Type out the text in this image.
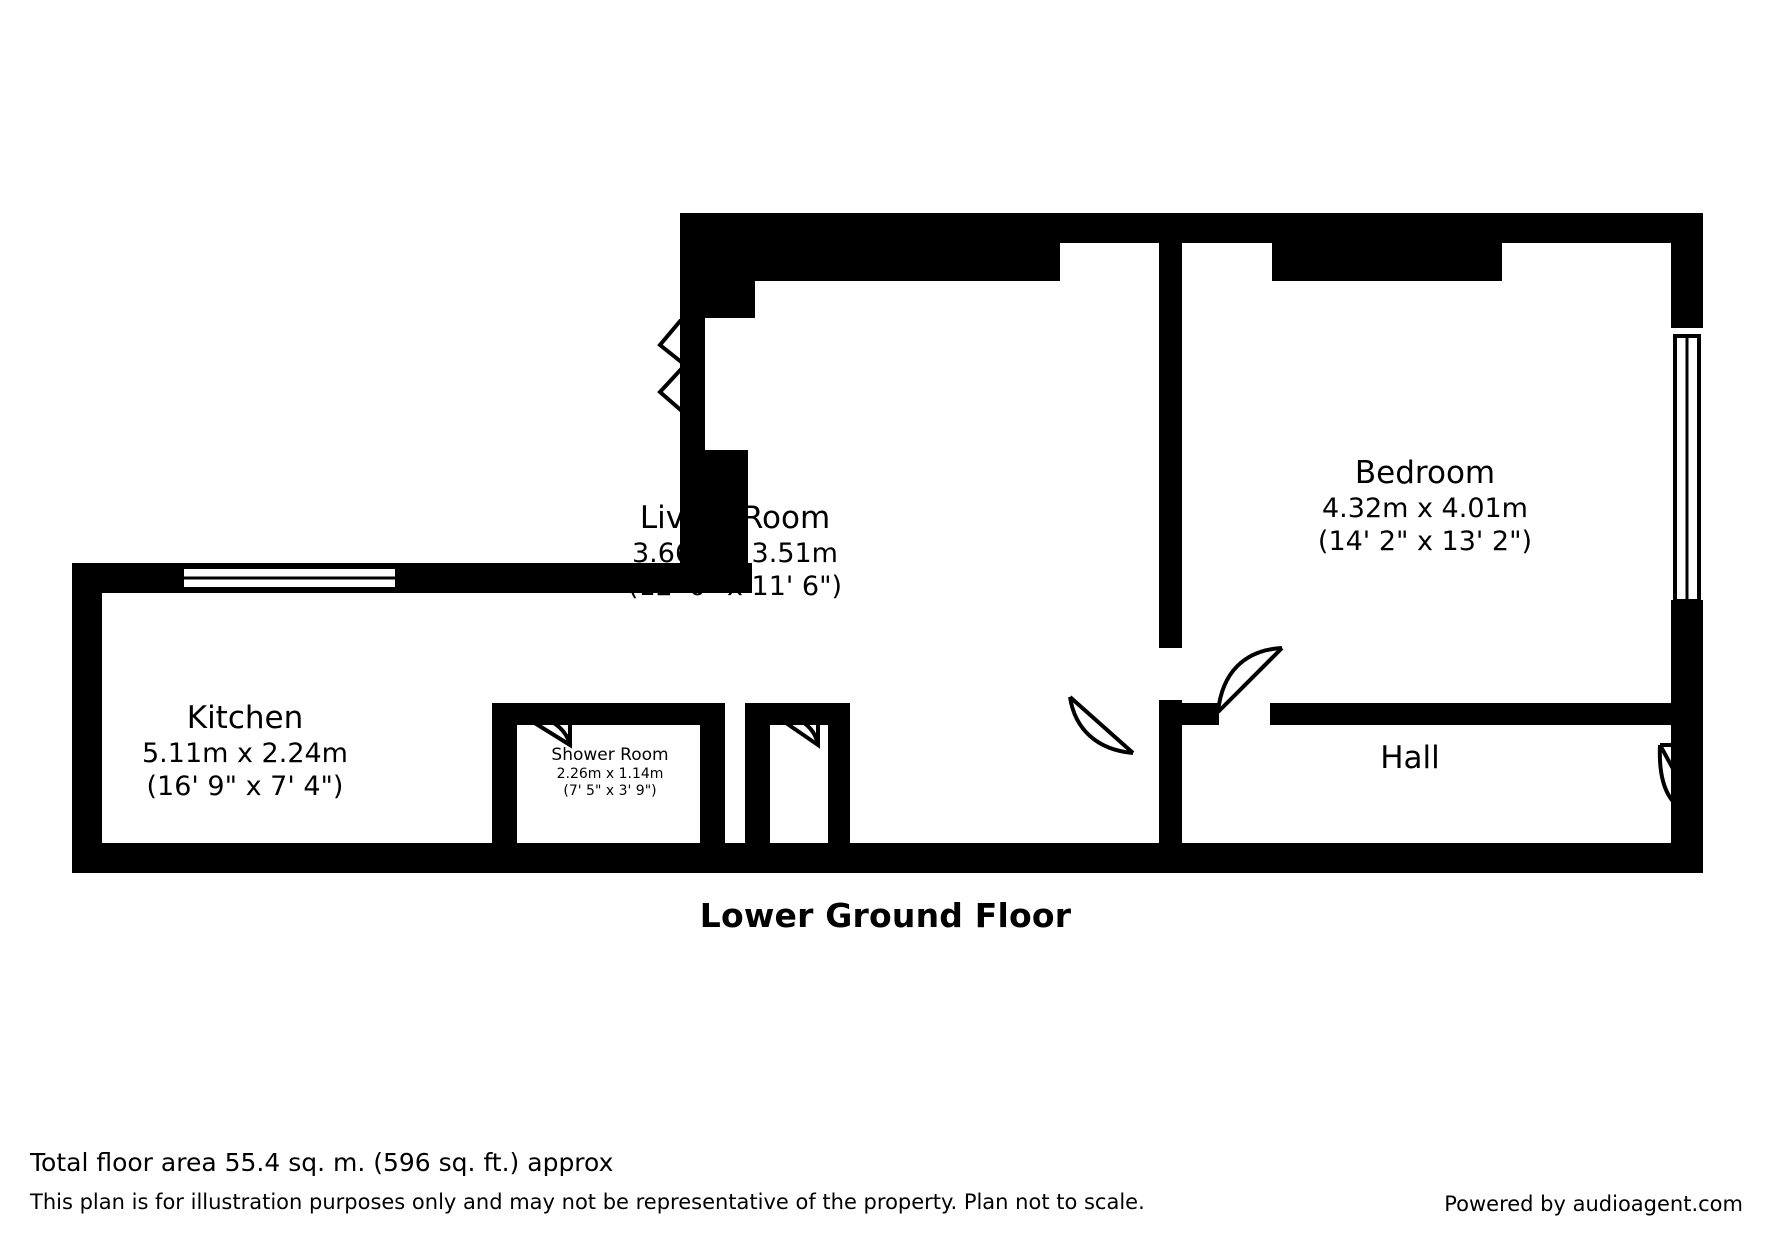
Living Room
3.66m x 3.51m
(12' 0" x 11' 6")
Bedroom
4.32m x 4.01m
(14' 2" x 13' 2")
Kitchen
5.11m x 2.24m
(16' 9" x 7' 4")
Shower Room
2.26m x 1.14m
(7' 5" x 3' 9")
Hall
Lower Ground Floor
Total floor area 55.4 sq. m. (596 sq. ft.) approx
This plan is for illustration purposes only and may not be representative of the property. Plan not to scale.	Powered by audioagent.com
